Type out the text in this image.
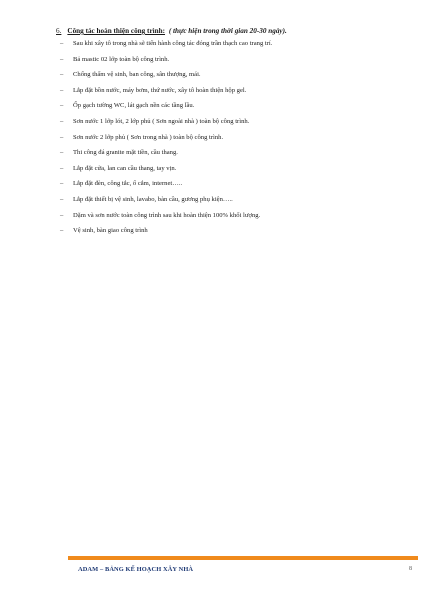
6. Công tác hoàn thiện công trình: ( thực hiện trong thời gian 20-30 ngày).
– Sau khi xây tô trong nhà sẽ tiến hành công tác đóng trần thạch cao trang trí.
– Bả mastic 02 lớp toàn bộ công trình.
– Chống thấm vệ sinh, ban công, sân thượng, mái.
– Lắp đặt bồn nước, máy bơm, thứ nước, xây tô hoàn thiện hộp gel.
– Ốp gạch tường WC, lát gạch nền các tầng lầu.
– Sơn nước 1 lớp lót, 2 lớp phủ ( Sơn ngoài nhà ) toàn bộ công trình.
– Sơn nước 2 lớp phủ ( Sơn trong nhà ) toàn bộ công trình.
– Thi công đá granite mặt tiền, cầu thang.
– Lắp đặt cửa, lan can cầu thang, tay vịn.
– Lắp đặt đèn, công tắc, ổ cắm, internet…..
– Lắp đặt thiết bị vệ sinh, lavabo, bàn cầu, gương phụ kiện…..
– Dặm và sơn nước toàn công trình sau khi hoàn thiện 100% khối lượng.
– Vệ sinh, bàn giao công trình
ADAM – BẢNG KẾ HOẠCH XÂY NHÀ	8
